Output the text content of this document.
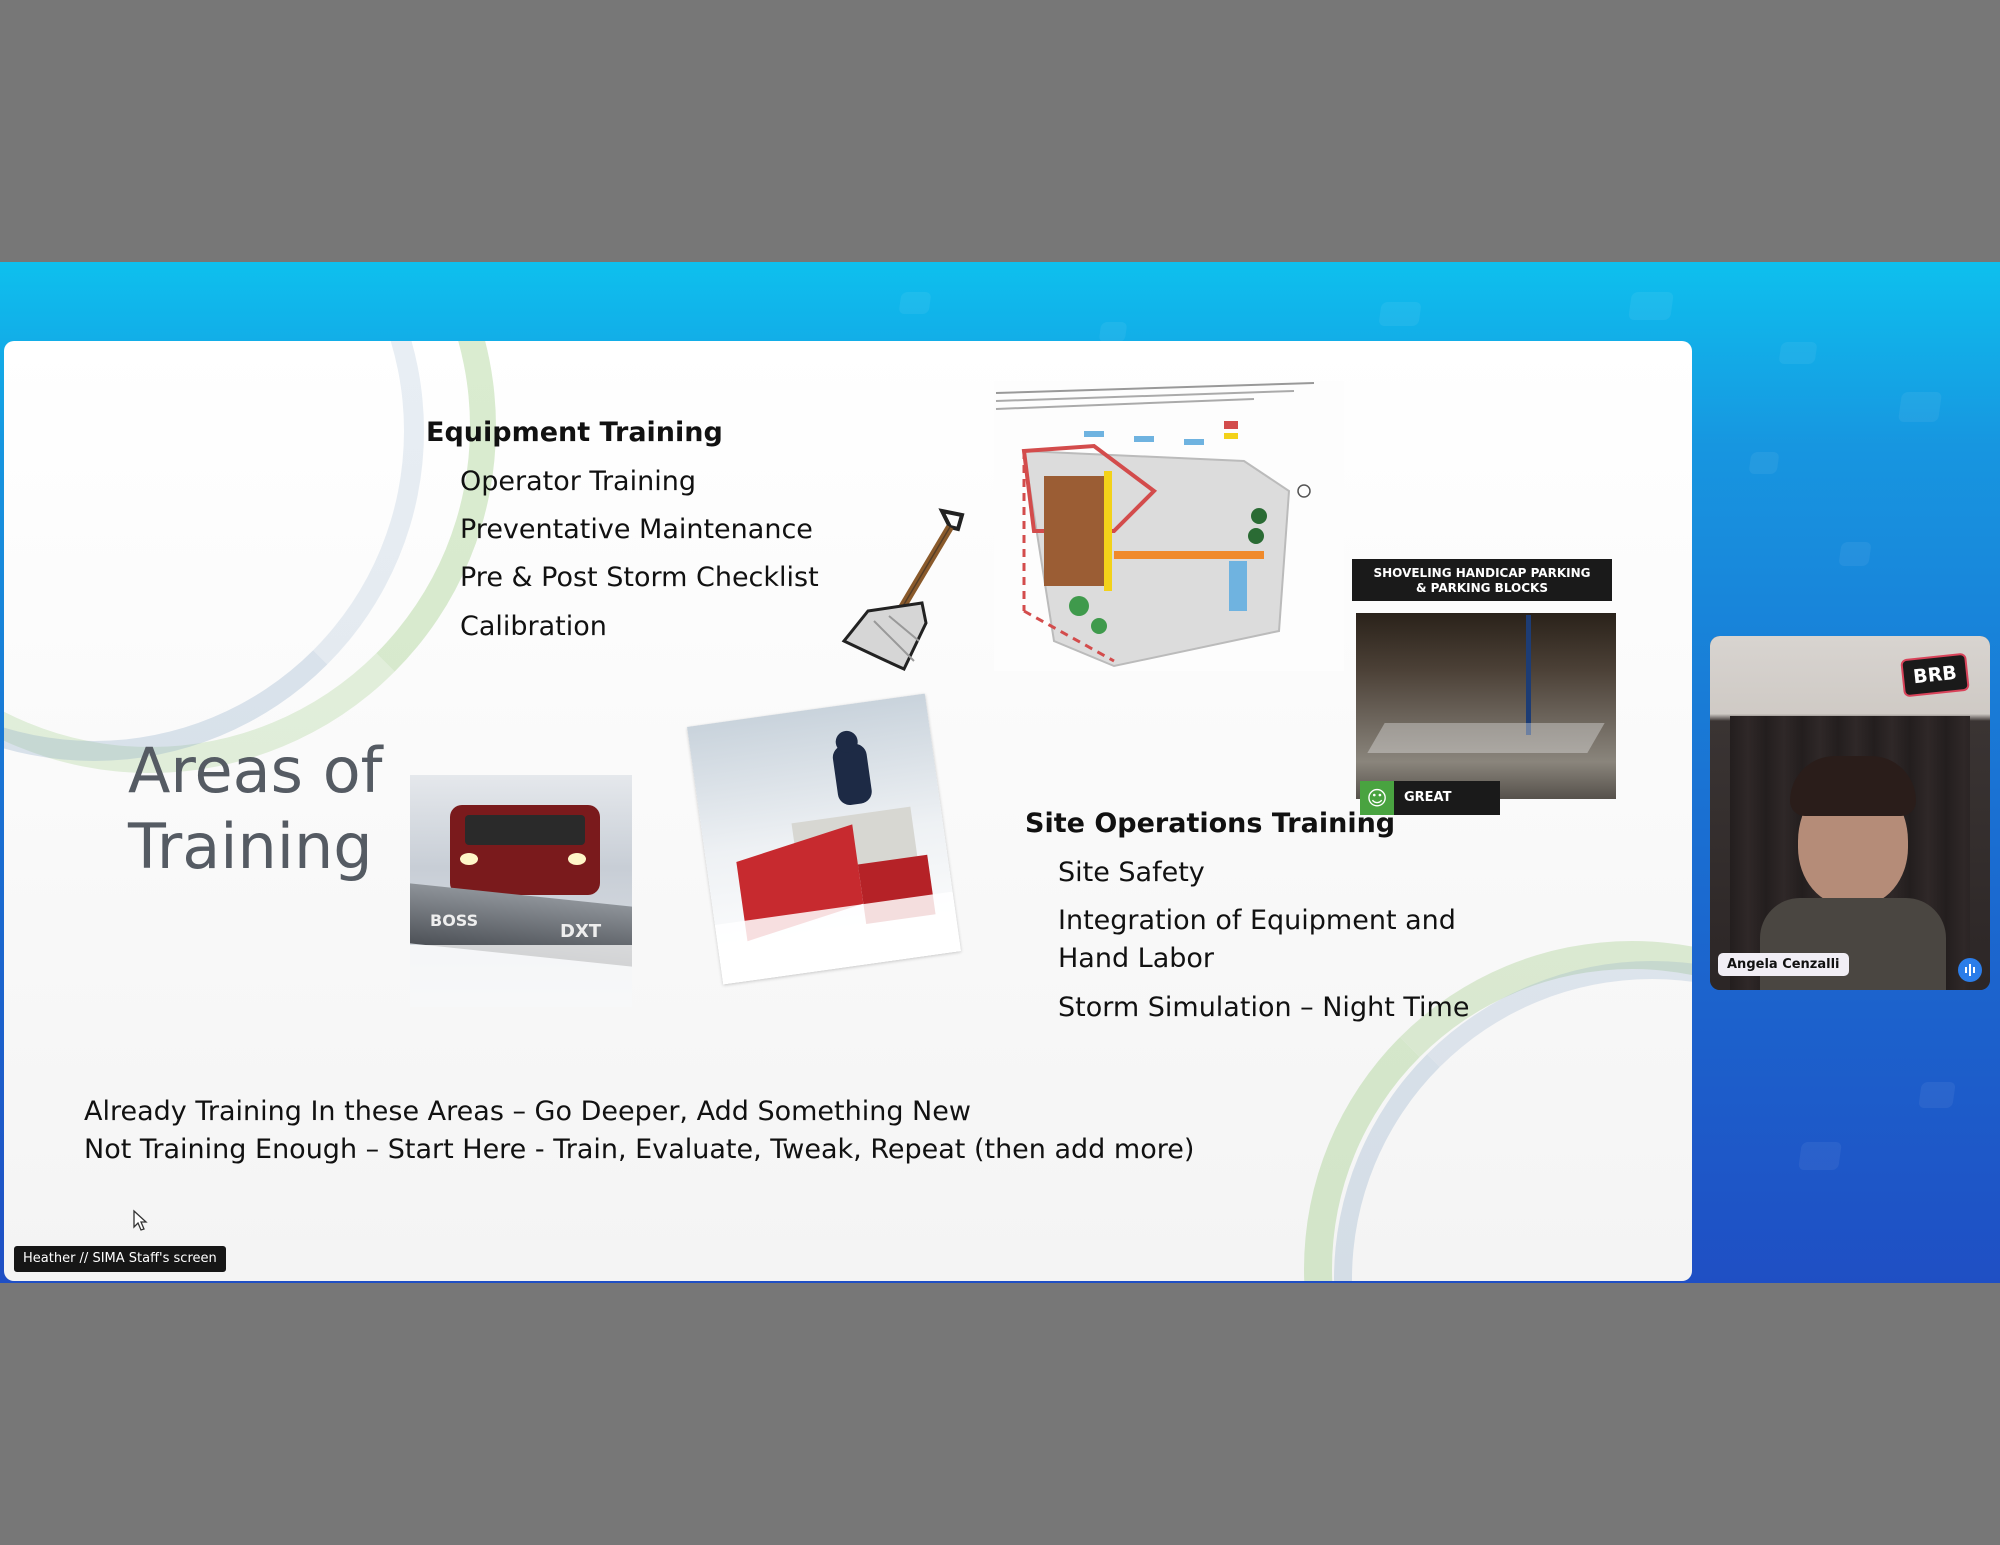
Areas of
Training
Equipment Training
Operator Training
Preventative Maintenance
Pre & Post Storm Checklist
Calibration
SHOVELING HANDICAP PARKING
& PARKING BLOCKS
☺	GREAT
BOSS
DXT
Site Operations Training
Site Safety
Integration of Equipment and
Hand Labor
Storm Simulation – Night Time
Already Training In these Areas – Go Deeper, Add Something New
Not Training Enough – Start Here - Train, Evaluate, Tweak, Repeat (then add more)
Heather // SIMA Staff's screen
BRB
Angela Cenzalli
